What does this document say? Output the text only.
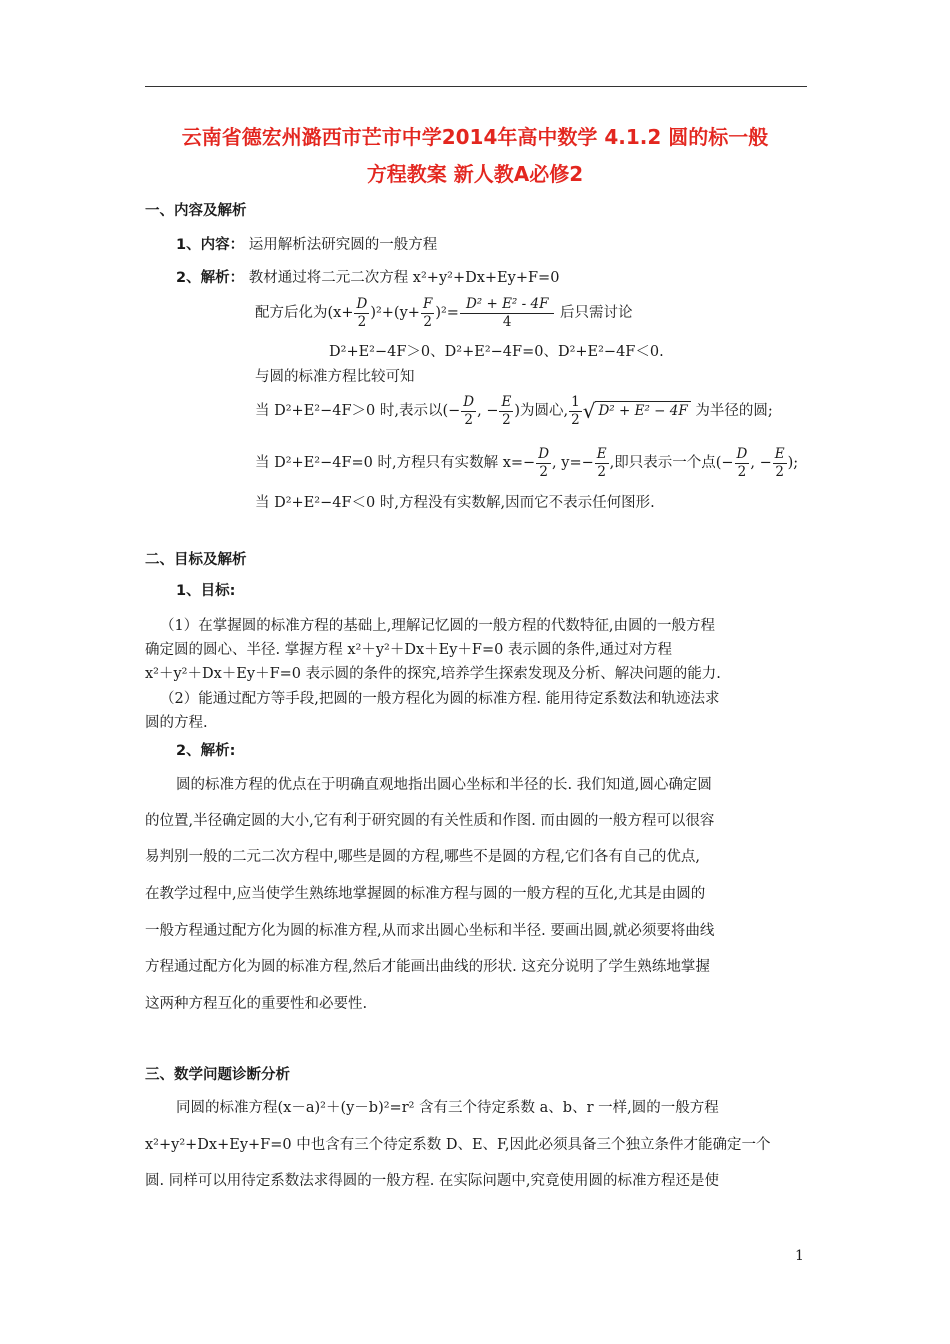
云南省德宏州潞西市芒市中学2014年高中数学 4.1.2 圆的标一般
方程教案 新人教A必修2
一、内容及解析
1、内容： 运用解析法研究圆的一般方程
2、解析： 教材通过将二元二次方程 x²+y²+Dx+Ey+F=0
配方后化为$(x+ \frac{D}{2} )^2+(y+ \frac{F}{2} )^2= \frac{\text{D² + E² - 4F}}{4}$ 后只需讨论
D²+E²−4F＞0、D²+E²−4F=0、D²+E²−4F＜0.
与圆的标准方程比较可知
当 D²+E²−4F＞0 时,表示以(− $\frac{D}{2}$ , − $\frac{E}{2}$ )为圆心, $\frac{1}{2}$ √ D² + E² − 4F 为半径的圆;
当 D²+E²−4F=0 时,方程只有实数解 $x=- \frac{D}{2}$ , $y=- \frac{E}{2}$ ,即只表示一个点(− $\frac{D}{2}$ , − $\frac{E}{2}$ );
当 D²+E²−4F＜0 时,方程没有实数解,因而它不表示任何图形.
二、目标及解析
1、目标:
（1）在掌握圆的标准方程的基础上,理解记忆圆的一般方程的代数特征,由圆的一般方程
确定圆的圆心、半径. 掌握方程 x²＋y²＋Dx＋Ey＋F=0 表示圆的条件,通过对方程
x²＋y²＋Dx＋Ey＋F=0 表示圆的条件的探究,培养学生探索发现及分析、解决问题的能力.
（2）能通过配方等手段,把圆的一般方程化为圆的标准方程. 能用待定系数法和轨迹法求
圆的方程.
2、解析:
圆的标准方程的优点在于明确直观地指出圆心坐标和半径的长. 我们知道,圆心确定圆
的位置,半径确定圆的大小,它有利于研究圆的有关性质和作图. 而由圆的一般方程可以很容
易判别一般的二元二次方程中,哪些是圆的方程,哪些不是圆的方程,它们各有自己的优点,
在教学过程中,应当使学生熟练地掌握圆的标准方程与圆的一般方程的互化,尤其是由圆的
一般方程通过配方化为圆的标准方程,从而求出圆心坐标和半径. 要画出圆,就必须要将曲线
方程通过配方化为圆的标准方程,然后才能画出曲线的形状. 这充分说明了学生熟练地掌握
这两种方程互化的重要性和必要性.
三、数学问题诊断分析
同圆的标准方程(x－a)²＋(y－b)²=r² 含有三个待定系数 a、b、r 一样,圆的一般方程
x²+y²+Dx+Ey+F=0 中也含有三个待定系数 D、E、F,因此必须具备三个独立条件才能确定一个
圆. 同样可以用待定系数法求得圆的一般方程. 在实际问题中,究竟使用圆的标准方程还是使
1
